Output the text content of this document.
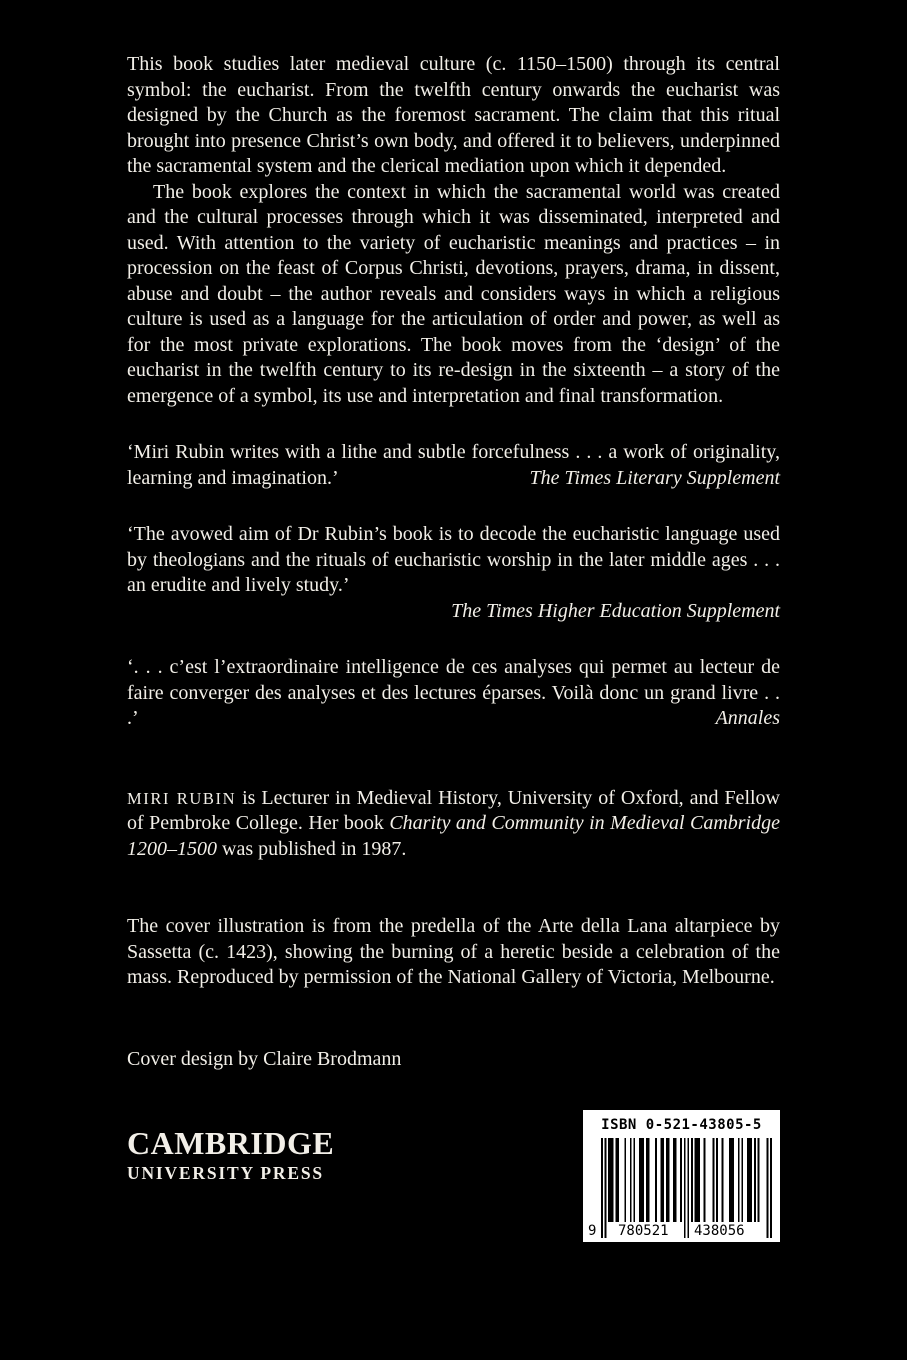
This book studies later medieval culture (c. 1150–1500) through its central symbol: the eucharist. From the twelfth century onwards the eucharist was designed by the Church as the foremost sacrament. The claim that this ritual brought into presence Christ’s own body, and offered it to believers, underpinned the sacramental system and the clerical mediation upon which it depended.

The book explores the context in which the sacramental world was created and the cultural processes through which it was disseminated, interpreted and used. With attention to the variety of eucharistic meanings and practices – in procession on the feast of Corpus Christi, devotions, prayers, drama, in dissent, abuse and doubt – the author reveals and considers ways in which a religious culture is used as a language for the articulation of order and power, as well as for the most private explorations. The book moves from the ‘design’ of the eucharist in the twelfth century to its re-design in the sixteenth – a story of the emergence of a symbol, its use and interpretation and final transformation.

‘Miri Rubin writes with a lithe and subtle forcefulness . . . a work of originality, learning and imagination.’	The Times Literary Supplement

‘The avowed aim of Dr Rubin’s book is to decode the eucharistic language used by theologians and the rituals of eucharistic worship in the later middle ages . . . an erudite and lively study.’

The Times Higher Education Supplement

‘. . . c’est l’extraordinaire intelligence de ces analyses qui permet au lecteur de faire converger des analyses et des lectures éparses. Voilà donc un grand livre . . .’	Annales

MIRI RUBIN is Lecturer in Medieval History, University of Oxford, and Fellow of Pembroke College. Her book Charity and Community in Medieval Cambridge 1200–1500 was published in 1987.

The cover illustration is from the predella of the Arte della Lana altarpiece by Sassetta (c. 1423), showing the burning of a heretic beside a celebration of the mass. Reproduced by permission of the National Gallery of Victoria, Melbourne.

Cover design by Claire Brodmann

CAMBRIDGE
UNIVERSITY PRESS
ISBN 0-521-43805-5
9 780521 438056
